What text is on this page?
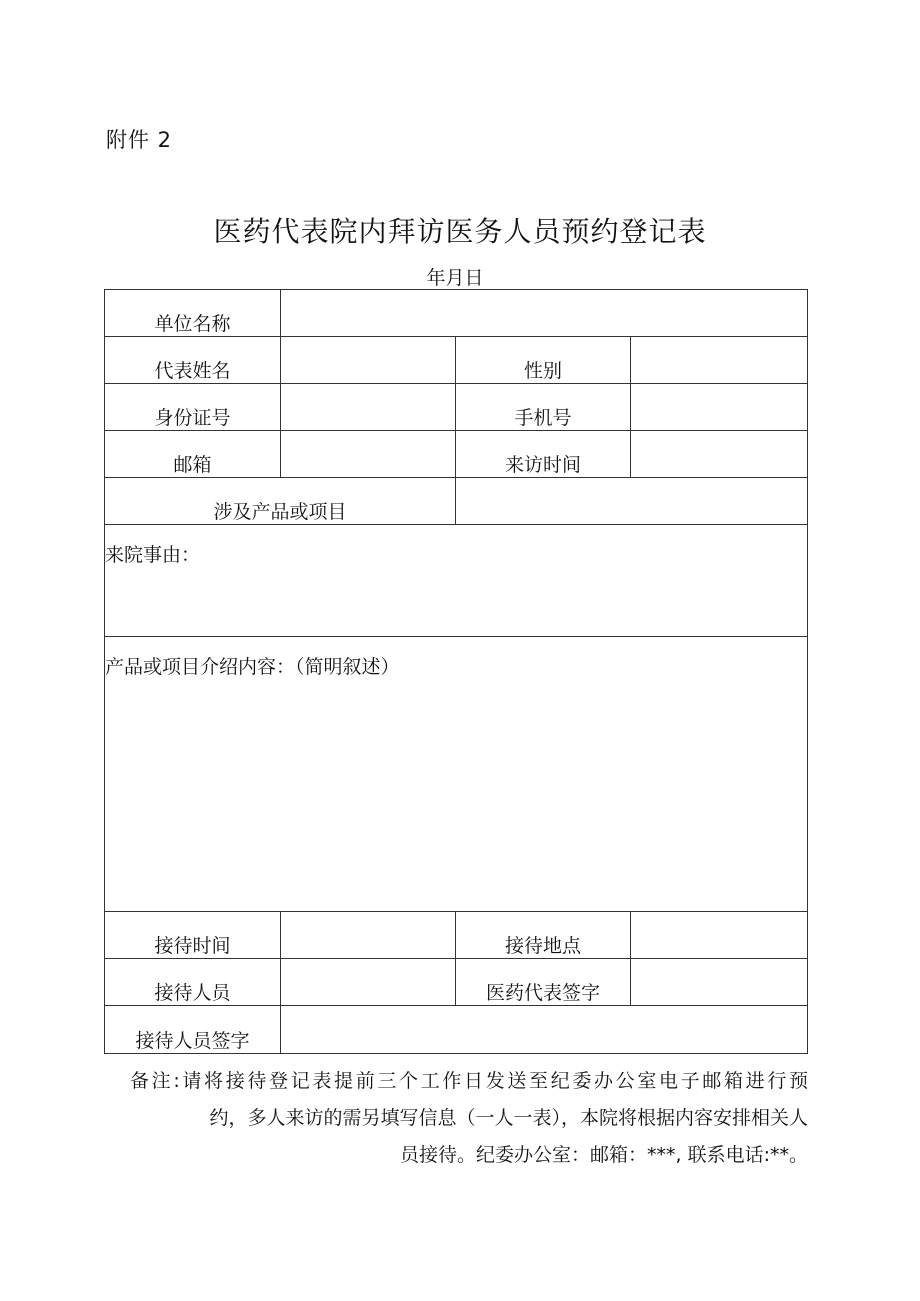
附件 2
医药代表院内拜访医务人员预约登记表
年月日
单位名称			
代表姓名		性别	
身份证号		手机号	
邮箱		来访时间	
涉及产品或项目			
来院事由：			
产品或项目介绍内容：（简明叙述）			
接待时间		接待地点	
接待人员		医药代表签字	
接待人员签字			
备注:请将接待登记表提前三个工作日发送至纪委办公室电子邮箱进行预
约，多人来访的需另填写信息（一人一表），本院将根据内容安排相关人
员接待。纪委办公室：邮箱：***, 联系电话:**。
